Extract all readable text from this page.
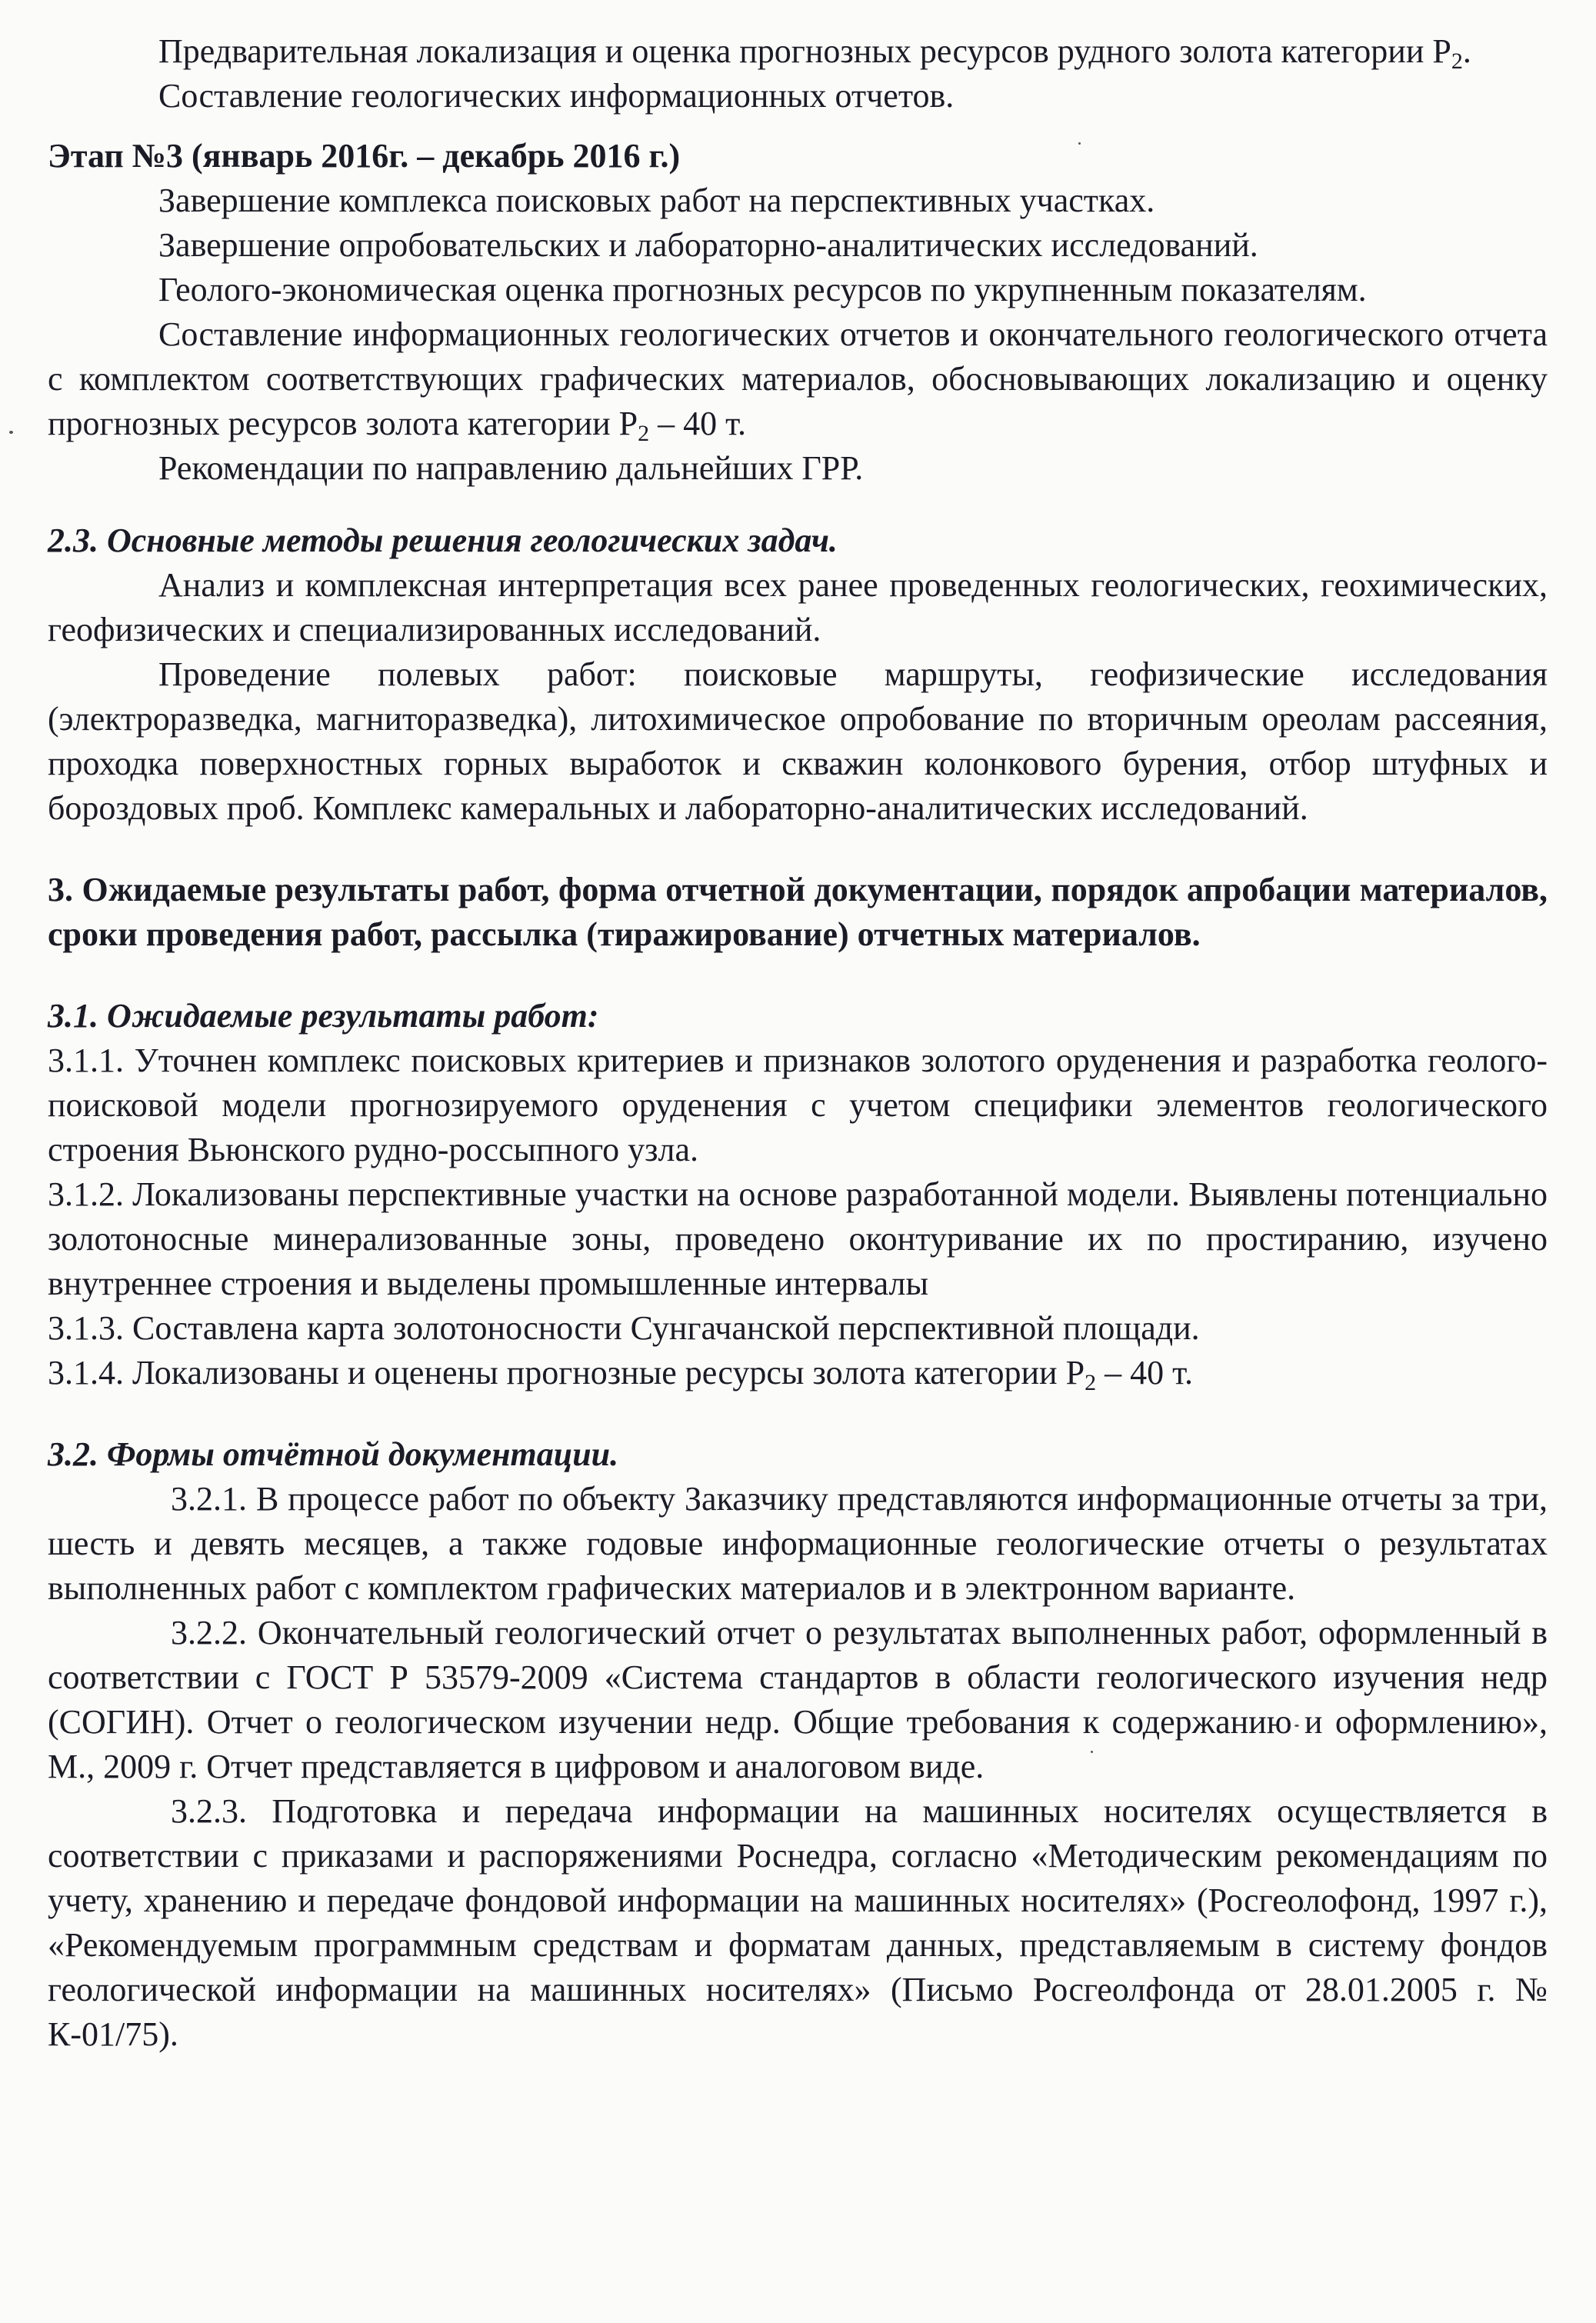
Предварительная локализация и оценка прогнозных ресурсов рудного золота категории $P_2$.

Составление геологических информационных отчетов.

Этап №3 (январь 2016г. – декабрь 2016 г.)

Завершение комплекса поисковых работ на перспективных участках.

Завершение опробовательских и лабораторно-аналитических исследований.

Геолого-экономическая оценка прогнозных ресурсов по укрупненным показателям.

Составление информационных геологических отчетов и окончательного геологического отчета с комплектом соответствующих графических материалов, обосновывающих локализацию и оценку прогнозных ресурсов золота категории $P_2 - 40$ т.

Рекомендации по направлению дальнейших ГРР.

2.3. Основные методы решения геологических задач.

Анализ и комплексная интерпретация всех ранее проведенных геологических, геохимических, геофизических и специализированных исследований.

Проведение полевых работ: поисковые маршруты, геофизические исследования (электроразведка, магниторазведка), литохимическое опробование по вторичным ореолам рассеяния, проходка поверхностных горных выработок и скважин колонкового бурения, отбор штуфных и бороздовых проб. Комплекс камеральных и лабораторно-аналитических исследований.

3. Ожидаемые результаты работ, форма отчетной документации, порядок апробации материалов, сроки проведения работ, рассылка (тиражирование) отчетных материалов.

3.1. Ожидаемые результаты работ:

3.1.1. Уточнен комплекс поисковых критериев и признаков золотого оруденения и разработка геолого-поисковой модели прогнозируемого оруденения с учетом специфики элементов геологического строения Вьюнского рудно-россыпного узла.

3.1.2. Локализованы перспективные участки на основе разработанной модели. Выявлены потенциально золотоносные минерализованные зоны, проведено оконтуривание их по простиранию, изучено внутреннее строения и выделены промышленные интервалы

3.1.3. Составлена карта золотоносности Сунгачанской перспективной площади.

3.1.4. Локализованы и оценены прогнозные ресурсы золота категории $P_2 - 40$ т.

3.2. Формы отчётной документации.

3.2.1. В процессе работ по объекту Заказчику представляются информационные отчеты за три, шесть и девять месяцев, а также годовые информационные геологические отчеты о результатах выполненных работ с комплектом графических материалов и в электронном варианте.

3.2.2. Окончательный геологический отчет о результатах выполненных работ, оформленный в соответствии с ГОСТ Р 53579-2009 «Система стандартов в области геологического изучения недр (СОГИН). Отчет о геологическом изучении недр. Общие требования к содержанию и оформлению», М., 2009 г. Отчет представляется в цифровом и аналоговом виде.

3.2.3. Подготовка и передача информации на машинных носителях осуществляется в соответствии с приказами и распоряжениями Роснедра, согласно «Методическим рекомендациям по учету, хранению и передаче фондовой информации на машинных носителях» (Росгеолофонд, 1997 г.), «Рекомендуемым программным средствам и форматам данных, представляемым в систему фондов геологической информации на машинных носителях» (Письмо Росгеолфонда от 28.01.2005 г. № К-01/75).
